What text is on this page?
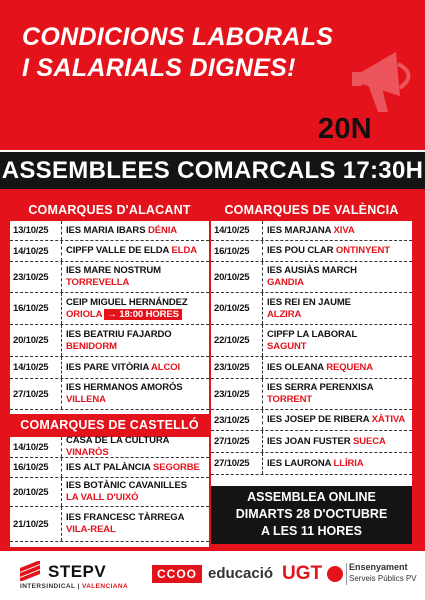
CONDICIONS LABORALS
I SALARIALS DIGNES!
VAGA EDUCATIVA 20N
ASSEMBLEES COMARCALS 17:30H
COMARQUES D'ALACANT
13/10/25	IES MARIA IBARS DÉNIA
14/10/25	CIPFP VALLE DE ELDA ELDA
23/10/25
IES MARE NOSTRUM
TORREVELLA
16/10/25
CEIP MIGUEL HERNÁNDEZ
ORIOLA → 18:00 HORES
20/10/25
IES BEATRIU FAJARDO
BENIDORM
14/10/25	IES PARE VITÒRIA ALCOI
27/10/25
IES HERMANOS AMORÓS
VILLENA
COMARQUES DE CASTELLÓ
14/10/25
CASA DE LA CULTURA VINARÒS
16/10/25	IES ALT PALÀNCIA SEGORBE
20/10/25
IES BOTÀNIC CAVANILLES
LA VALL D'UIXÓ
21/10/25
IES FRANCESC TÀRREGA
VILA-REAL
COMARQUES DE VALÈNCIA
14/10/25	IES MARJANA XIVA
16/10/25	IES POU CLAR ONTINYENT
20/10/25
IES AUSIÀS MARCH
GANDIA
20/10/25
IES REI EN JAUME
ALZIRA
22/10/25
CIPFP LA LABORAL
SAGUNT
23/10/25	IES OLEANA REQUENA
23/10/25
IES SERRA PERENXISA
TORRENT
23/10/25	IES JOSEP DE RIBERA XÀTIVA
27/10/25	IES JOAN FUSTER SUECA
27/10/25	IES LAURONA LLÍRIA
ASSEMBLEA ONLINE
DIMARTS 28 D'OCTUBRE
A LES 11 HORES
STEPV
INTERSINDICAL | VALENCIANA
CCOO educació UGT	Ensenyament
Serveis Públics PV
